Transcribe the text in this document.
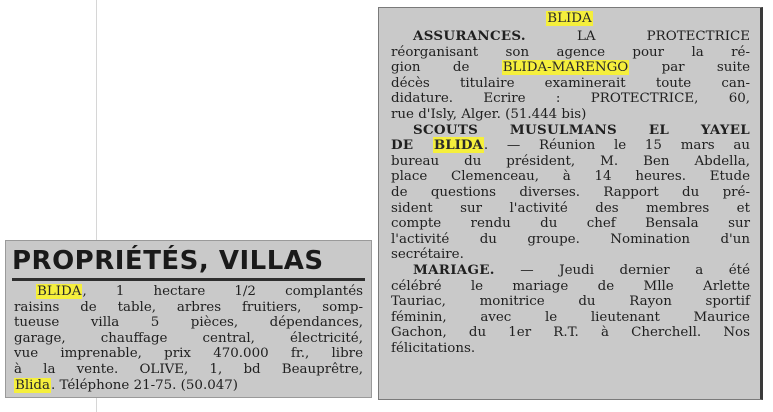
PROPRIÉTÉS, VILLAS
BLIDA, 1 hectare 1/2 complantés
raisins de table, arbres fruitiers, somp-
tueuse villa 5 pièces, dépendances,
garage, chauffage central, électricité,
vue imprenable, prix 470.000 fr., libre
à la vente. OLIVE, 1, bd Beauprêtre,
Blida. Téléphone 21-75. (50.047)
BLIDA
ASSURANCES. LA PROTECTRICE
réorganisant son agence pour la ré-
gion de BLIDA-MARENGO par suite
décès titulaire examinerait toute can-
didature. Ecrire : PROTECTRICE, 60,
rue d'Isly, Alger. (51.444 bis)
SCOUTS MUSULMANS EL YAYEL
DE BLIDA. — Réunion le 15 mars au
bureau du président, M. Ben Abdella,
place Clemenceau, à 14 heures. Etude
de questions diverses. Rapport du pré-
sident sur l'activité des membres et
compte rendu du chef Bensala sur
l'activité du groupe. Nomination d'un
secrétaire.
MARIAGE. — Jeudi dernier a été
célébré le mariage de Mlle Arlette
Tauriac, monitrice du Rayon sportif
féminin, avec le lieutenant Maurice
Gachon, du 1er R.T. à Cherchell. Nos
félicitations.
